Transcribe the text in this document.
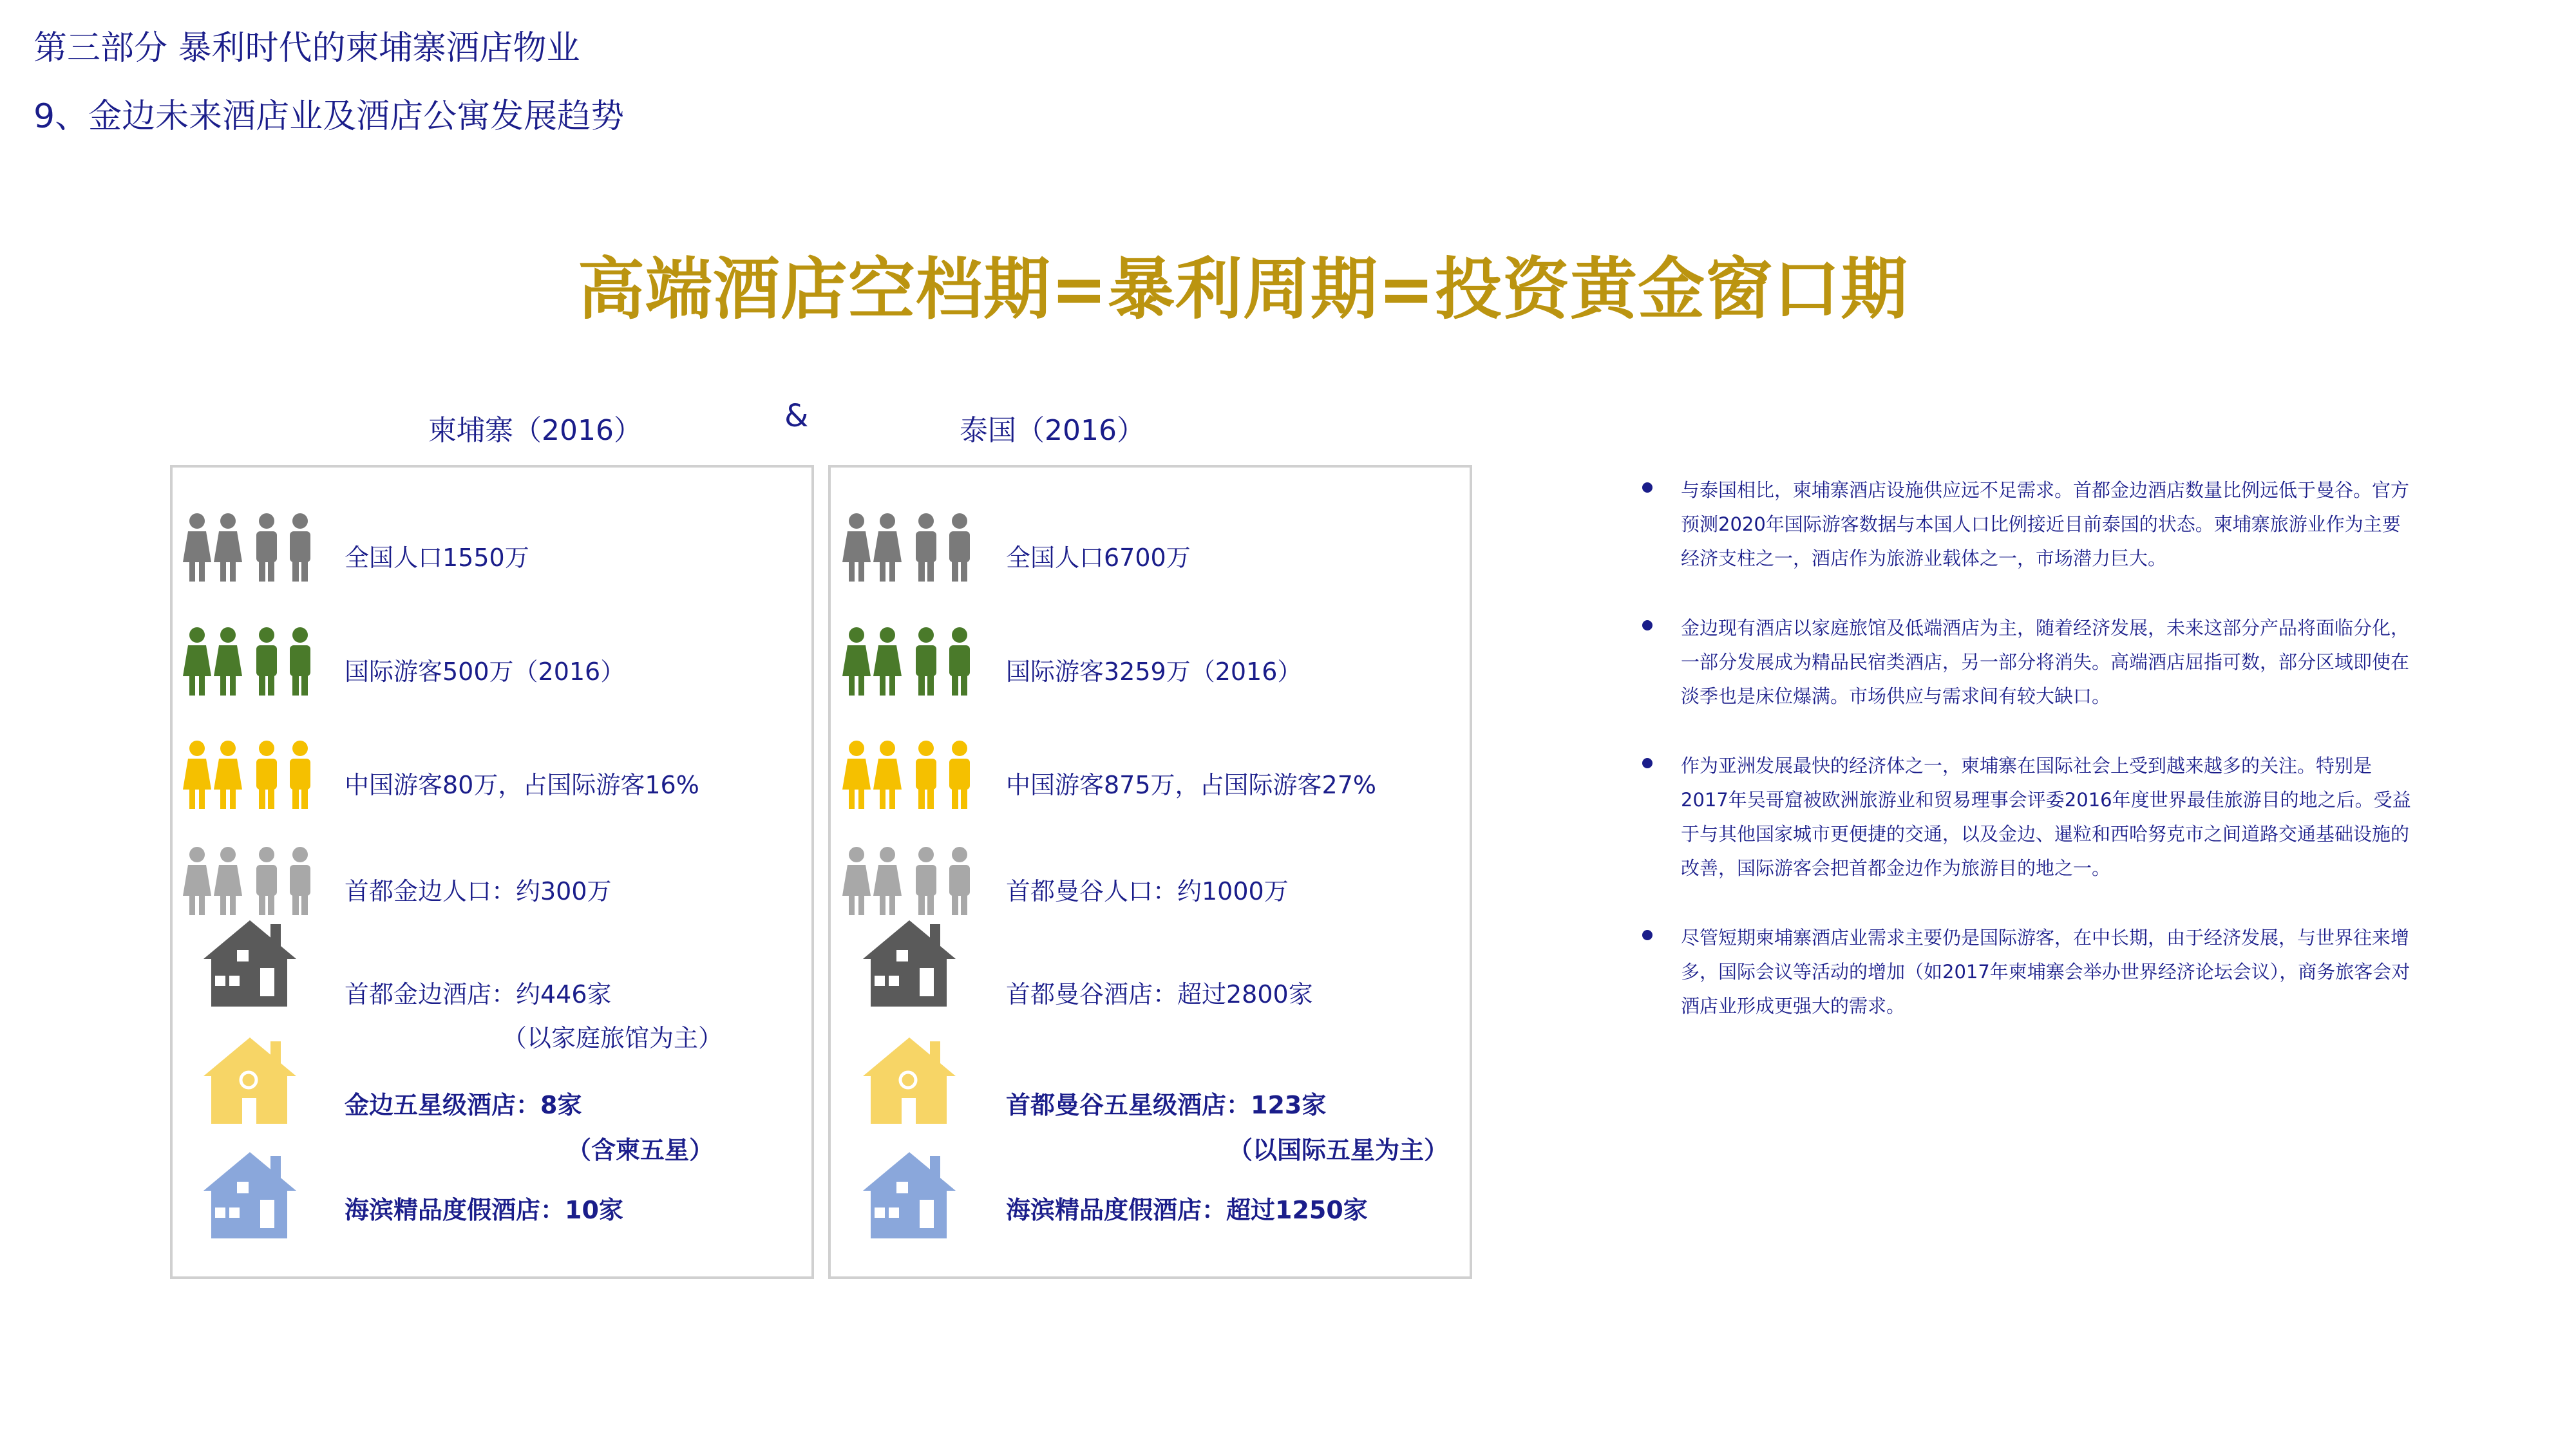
第三部分 暴利时代的柬埔寨酒店物业
9、金边未来酒店业及酒店公寓发展趋势
高端酒店空档期=暴利周期=投资黄金窗口期
柬埔寨（2016）	&	泰国（2016）
全国人口1550万
国际游客500万（2016）
中国游客80万，占国际游客16%
首都金边人口：约300万
首都金边酒店：约446家
（以家庭旅馆为主）
金边五星级酒店：8家
（含柬五星）
海滨精品度假酒店：10家
全国人口6700万
国际游客3259万（2016）
中国游客875万，占国际游客27%
首都曼谷人口：约1000万
首都曼谷酒店：超过2800家
首都曼谷五星级酒店：123家
（以国际五星为主）
海滨精品度假酒店：超过1250家
与泰国相比，柬埔寨酒店设施供应远不足需求。首都金边酒店数量比例远低于曼谷。官方预测2020年国际游客数据与本国人口比例接近目前泰国的状态。柬埔寨旅游业作为主要经济支柱之一，酒店作为旅游业载体之一，市场潜力巨大。
金边现有酒店以家庭旅馆及低端酒店为主，随着经济发展，未来这部分产品将面临分化，一部分发展成为精品民宿类酒店，另一部分将消失。高端酒店屈指可数，部分区域即使在淡季也是床位爆满。市场供应与需求间有较大缺口。
作为亚洲发展最快的经济体之一，柬埔寨在国际社会上受到越来越多的关注。特别是2017年吴哥窟被欧洲旅游业和贸易理事会评委2016年度世界最佳旅游目的地之后。受益于与其他国家城市更便捷的交通，以及金边、暹粒和西哈努克市之间道路交通基础设施的改善，国际游客会把首都金边作为旅游目的地之一。
尽管短期柬埔寨酒店业需求主要仍是国际游客，在中长期，由于经济发展，与世界往来增多，国际会议等活动的增加（如2017年柬埔寨会举办世界经济论坛会议），商务旅客会对酒店业形成更强大的需求。
